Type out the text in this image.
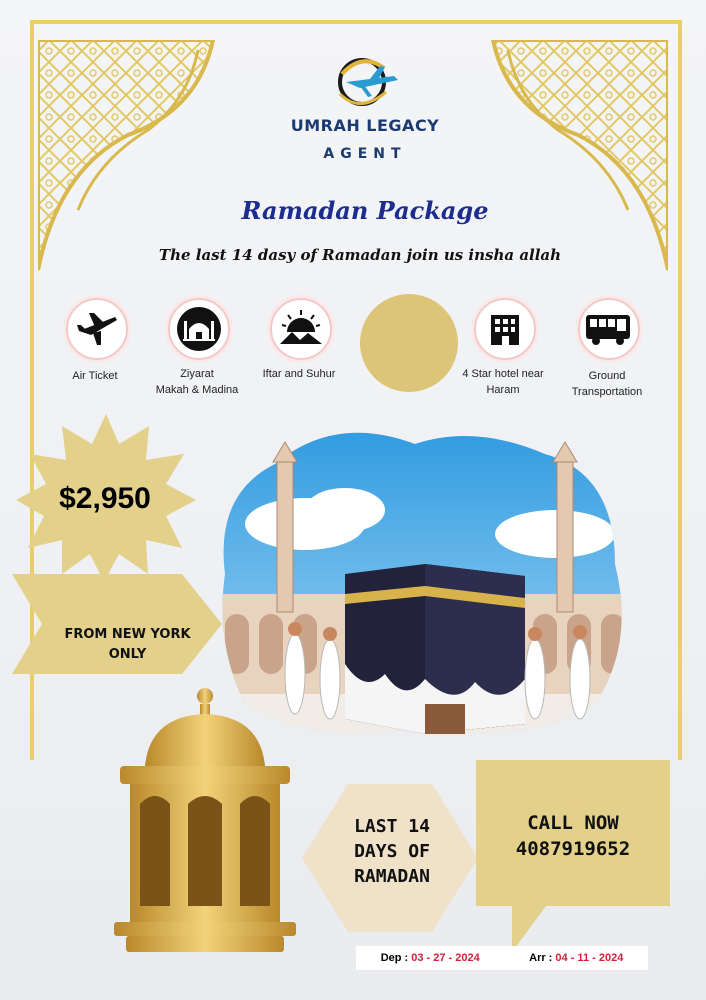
UMRAH LEGACY
AGENT
Ramadan Package
The last 14 dasy of Ramadan join us insha allah
Air Ticket	Ziyarat
Makah & Madina
Iftar and Suhur	4 Star hotel near
Haram
Ground
Transportation
$2,950
FROM NEW YORK
ONLY
LAST 14
DAYS OF
RAMADAN
CALL NOW
4087919652
Dep : 03 - 27 - 2024	Arr : 04 - 11 - 2024
